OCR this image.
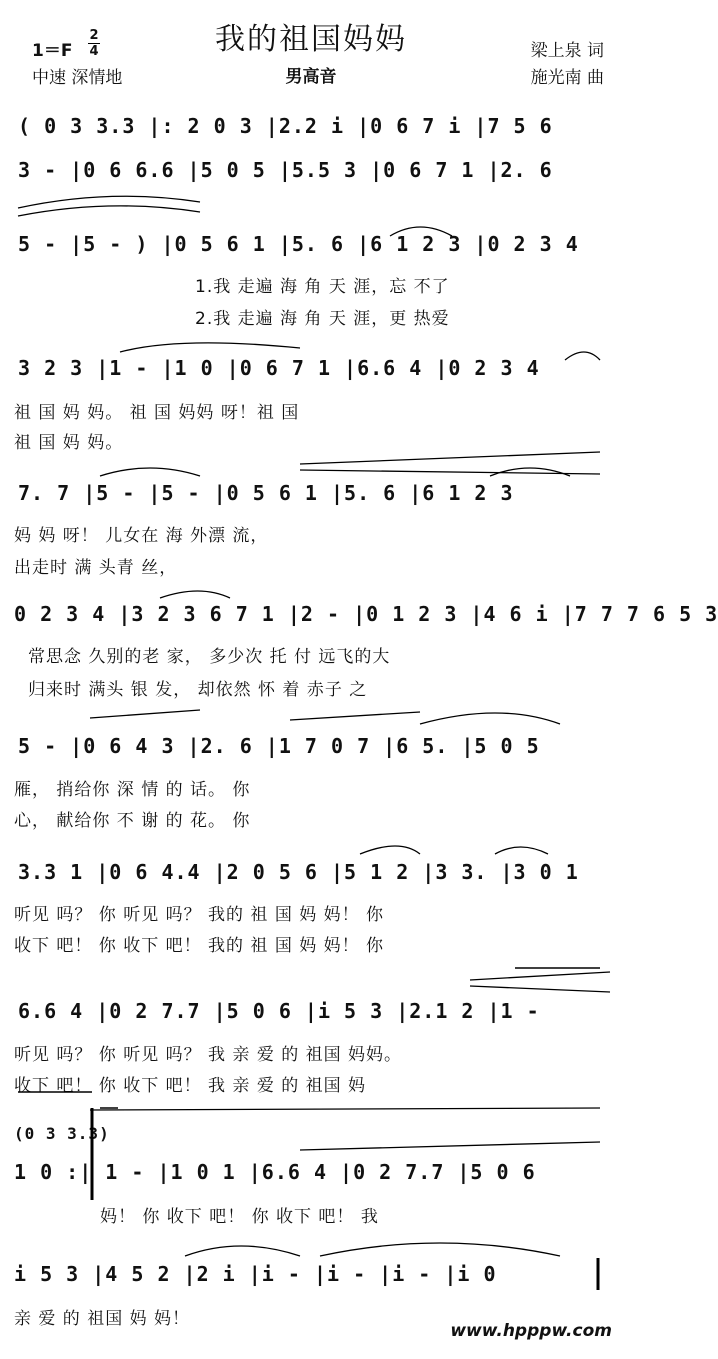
我的祖国妈妈
男高音
1＝F
2
4
中速 深情地
梁上泉 词
施光南 曲
( 0 3 3.3 |: 2 0 3 |2.2 i |0 6 7 i |7 5 6
3 - |0 6 6.6 |5 0 5 |5.5 3 |0 6 7 1 |2. 6
5 - |5 - ) |0 5 6 1 |5. 6 |6 1 2 3 |0 2 3 4
1.我 走遍 海 角 天 涯，忘 不了
2.我 走遍 海 角 天 涯，更 热爱
3 2 3 |1 - |1 0 |0 6 7 1 |6.6 4 |0 2 3 4
祖 国 妈 妈。 祖 国 妈妈 呀！祖 国
祖 国 妈 妈。
7. 7 |5 - |5 - |0 5 6 1 |5. 6 |6 1 2 3
妈 妈 呀！ 儿女在 海 外漂 流，
出走时 满 头青 丝，
0 2 3 4 |3 2 3 6 7 1 |2 - |0 1 2 3 |4 6 i |7 7 7 6 5 3
常思念 久别的老 家， 多少次 托 付 远飞的大
归来时 满头 银 发， 却依然 怀 着 赤子 之
5 - |0 6 4 3 |2. 6 |1 7 0 7 |6 5. |5 0 5
雁， 捎给你 深 情 的 话。 你
心， 献给你 不 谢 的 花。 你
3.3 1 |0 6 4.4 |2 0 5 6 |5 1 2 |3 3. |3 0 1
听见 吗？ 你 听见 吗？ 我的 祖 国 妈 妈！ 你
收下 吧！ 你 收下 吧！ 我的 祖 国 妈 妈！ 你
6.6 4 |0 2 7.7 |5 0 6 |i 5 3 |2.1 2 |1 -
听见 吗？ 你 听见 吗？ 我 亲 爱 的 祖国 妈妈。
收下 吧！ 你 收下 吧！ 我 亲 爱 的 祖国 妈
(0 3 3.3)
1 0 :| 1 - |1 0 1 |6.6 4 |0 2 7.7 |5 0 6
妈！ 你 收下 吧！ 你 收下 吧！ 我
i 5 3 |4 5 2 |2 i |i - |i - |i - |i 0
亲 爱 的 祖国 妈 妈！
www.hpppw.com
